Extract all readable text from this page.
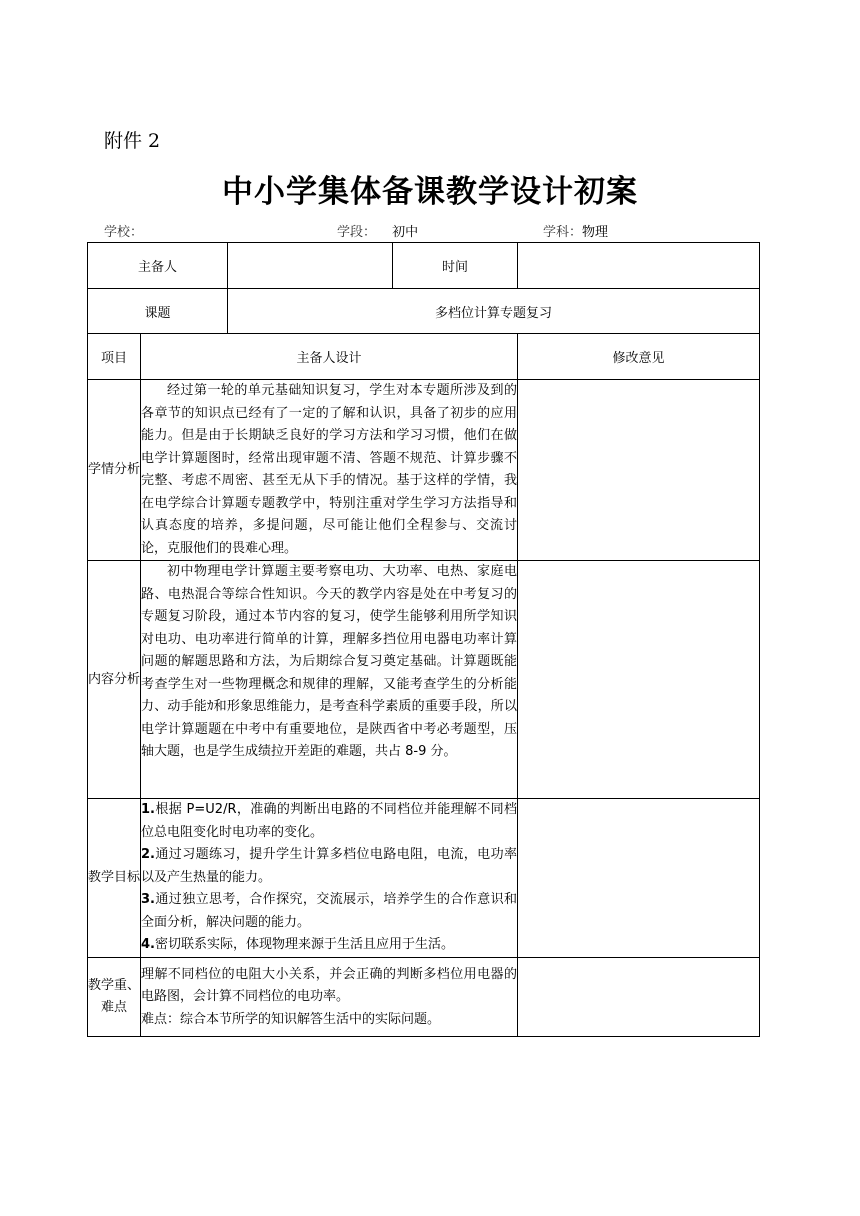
附件 2
中小学集体备课教学设计初案
学校：	学段： 初中	学科：物理
主备人			时间	
课题		多档位计算专题复习		
项目	主备人设计			修改意见
学情分析	经过第一轮的单元基础知识复习，学生对本专题所涉及到的各章节的知识点已经有了一定的了解和认识，具备了初步的应用能力。但是由于长期缺乏良好的学习方法和学习习惯，他们在做电学计算题图时，经常出现审题不清、答题不规范、计算步骤不完整、考虑不周密、甚至无从下手的情况。基于这样的学情，我在电学综合计算题专题教学中，特别注重对学生学习方法指导和认真态度的培养，多提问题，尽可能让他们全程参与、交流讨论，克服他们的畏难心理。			

内容分析	初中物理电学计算题主要考察电功、大功率、电热、家庭电路、电热混合等综合性知识。今天的教学内容是处在中考复习的专题复习阶段，通过本节内容的复习，使学生能够利用所学知识对电功、电功率进行简单的计算，理解多挡位用电器电功率计算问题的解题思路和方法，为后期综合复习奠定基础。计算题既能考查学生对一些物理概念和规律的理解，又能考查学生的分析能力、动手能ｶ和形象思维能力，是考查科学素质的重要手段，所以电学计算题题在中考中有重要地位，是陕西省中考必考题型，压轴大题，也是学生成绩拉开差距的难题，共占 8-9 分。			

教学目标	1.根据 P=U2/R，准确的判断出电路的不同档位并能理解不同档位总电阻变化时电功率的变化。

2.通过习题练习，提升学生计算多档位电路电阻，电流，电功率以及产生热量的能力。

3.通过独立思考，合作探究，交流展示，培养学生的合作意识和全面分析，解决问题的能力。

4.密切联系实际，体现物理来源于生活且应用于生活。			

教学重、难点	理解不同档位的电阻大小关系，并会正确的判断多档位用电器的电路图，会计算不同档位的电功率。

难点：综合本节所学的知识解答生活中的实际问题。			
